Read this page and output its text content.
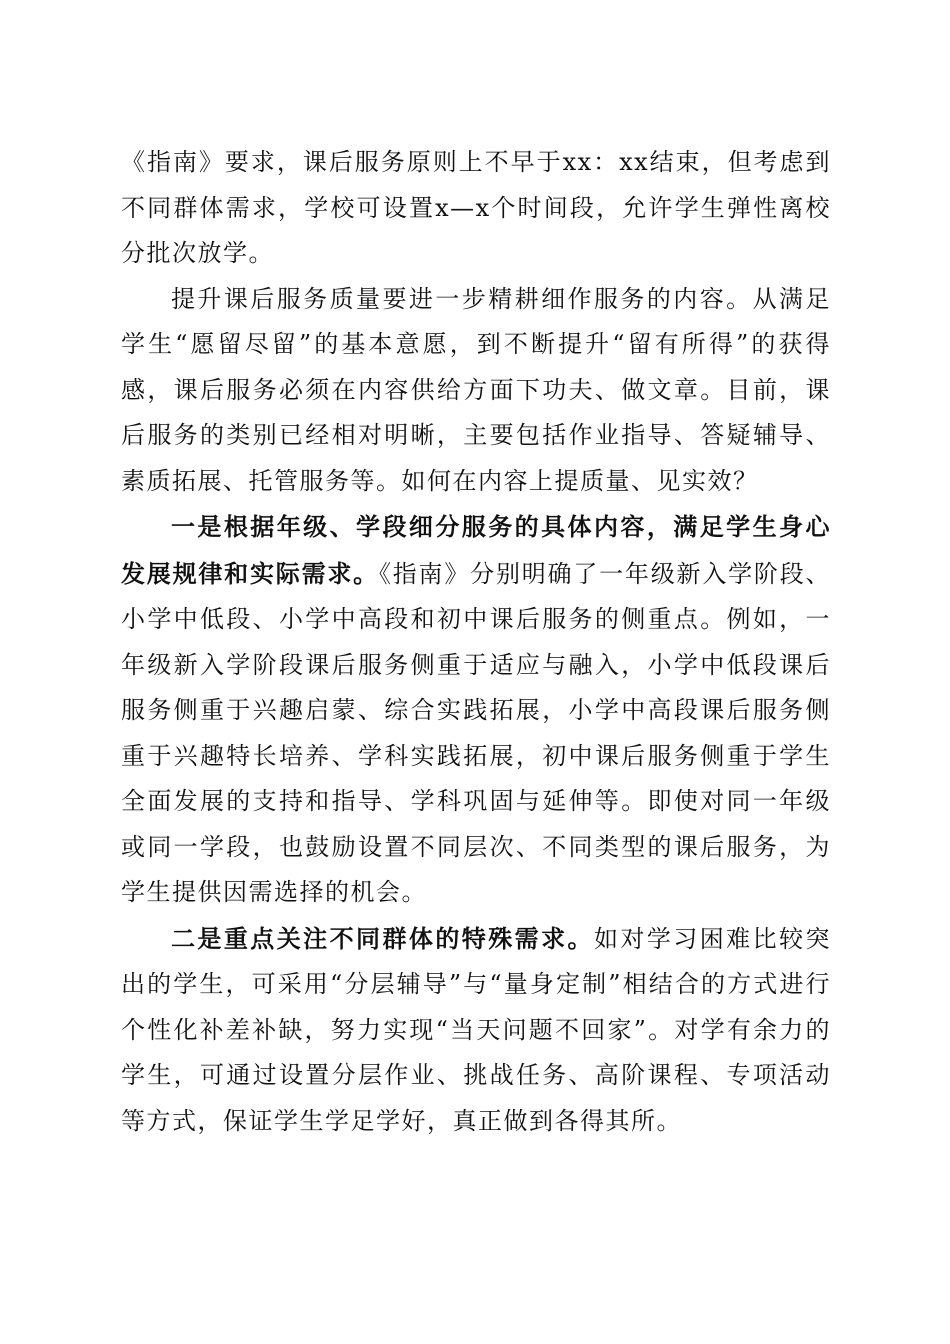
《指南》要求，课后服务原则上不早于xx：xx结束，但考虑到不同群体需求，学校可设置x—x个时间段，允许学生弹性离校分批次放学。

提升课后服务质量要进一步精耕细作服务的内容。从满足学生“愿留尽留”的基本意愿，到不断提升“留有所得”的获得感，课后服务必须在内容供给方面下功夫、做文章。目前，课后服务的类别已经相对明晰，主要包括作业指导、答疑辅导、素质拓展、托管服务等。如何在内容上提质量、见实效？

一是根据年级、学段细分服务的具体内容，满足学生身心发展规律和实际需求。《指南》分别明确了一年级新入学阶段、小学中低段、小学中高段和初中课后服务的侧重点。例如，一年级新入学阶段课后服务侧重于适应与融入，小学中低段课后服务侧重于兴趣启蒙、综合实践拓展，小学中高段课后服务侧重于兴趣特长培养、学科实践拓展，初中课后服务侧重于学生全面发展的支持和指导、学科巩固与延伸等。即使对同一年级或同一学段，也鼓励设置不同层次、不同类型的课后服务，为学生提供因需选择的机会。

二是重点关注不同群体的特殊需求。如对学习困难比较突出的学生，可采用“分层辅导”与“量身定制”相结合的方式进行个性化补差补缺，努力实现“当天问题不回家”。对学有余力的学生，可通过设置分层作业、挑战任务、高阶课程、专项活动等方式，保证学生学足学好，真正做到各得其所。
